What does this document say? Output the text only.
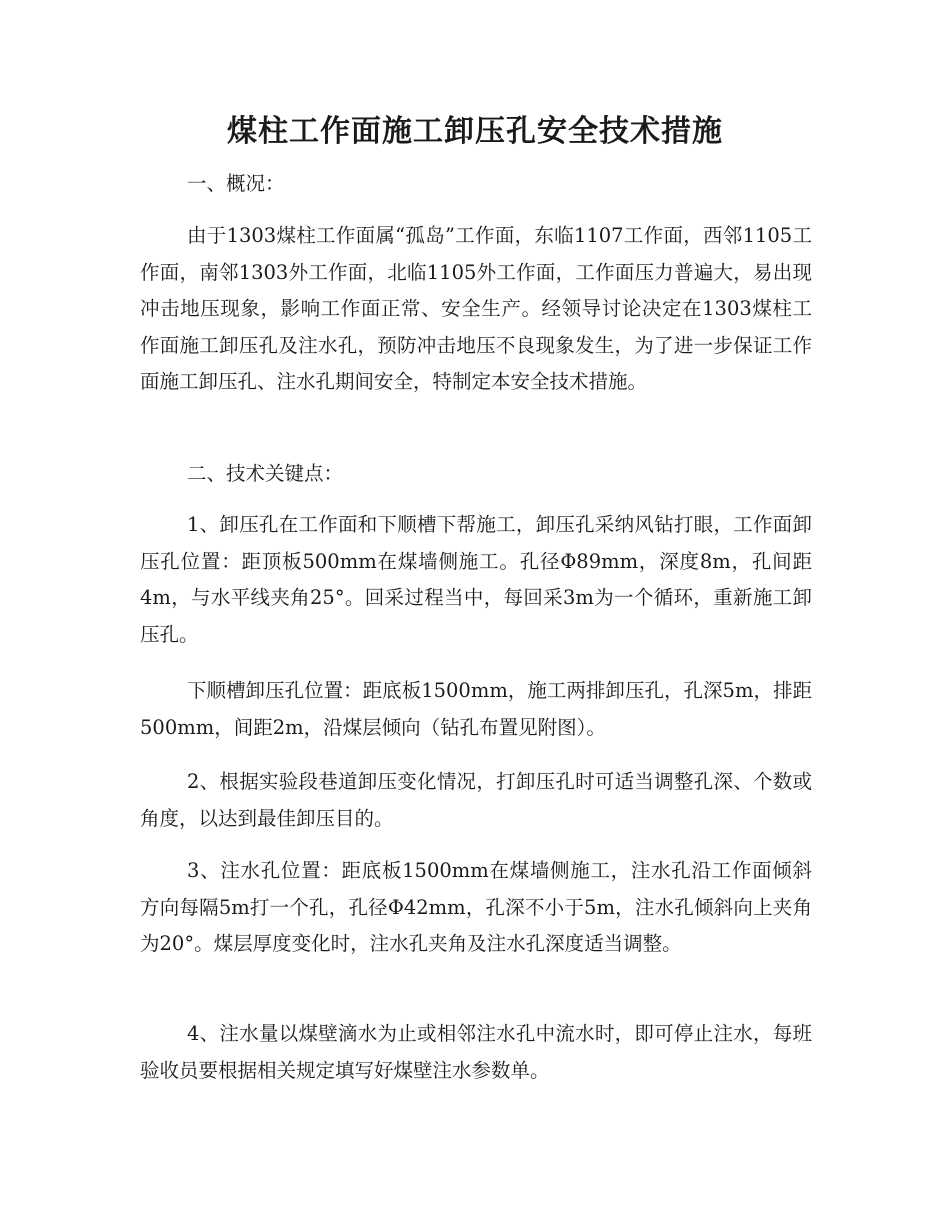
煤柱工作面施工卸压孔安全技术措施

一、概况：

由于1303煤柱工作面属“孤岛”工作面，东临1107工作面，西邻1105工作面，南邻1303外工作面，北临1105外工作面，工作面压力普遍大，易出现冲击地压现象，影响工作面正常、安全生产。经领导讨论决定在1303煤柱工作面施工卸压孔及注水孔，预防冲击地压不良现象发生，为了进一步保证工作面施工卸压孔、注水孔期间安全，特制定本安全技术措施。

二、技术关键点：

1、卸压孔在工作面和下顺槽下帮施工，卸压孔采纳风钻打眼，工作面卸压孔位置：距顶板500mm在煤墙侧施工。孔径Φ89mm，深度8m，孔间距4m，与水平线夹角25°。回采过程当中，每回采3m为一个循环，重新施工卸压孔。

下顺槽卸压孔位置：距底板1500mm，施工两排卸压孔，孔深5m，排距500mm，间距2m，沿煤层倾向（钻孔布置见附图）。

2、根据实验段巷道卸压变化情况，打卸压孔时可适当调整孔深、个数或角度，以达到最佳卸压目的。

3、注水孔位置：距底板1500mm在煤墙侧施工，注水孔沿工作面倾斜方向每隔5m打一个孔，孔径Φ42mm，孔深不小于5m，注水孔倾斜向上夹角为20°。煤层厚度变化时，注水孔夹角及注水孔深度适当调整。

4、注水量以煤壁滴水为止或相邻注水孔中流水时，即可停止注水，每班验收员要根据相关规定填写好煤壁注水参数单。
